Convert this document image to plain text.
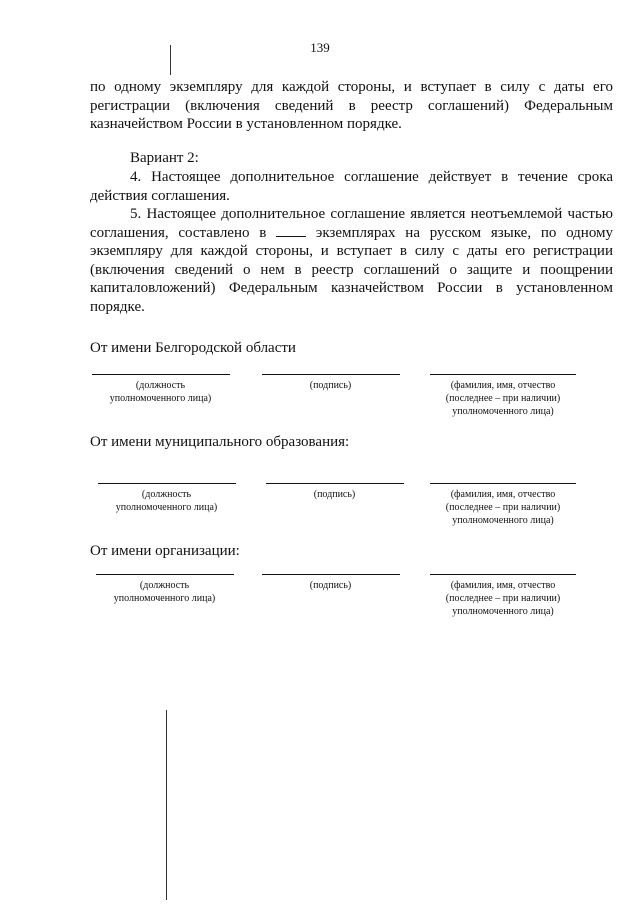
139

по одному экземпляру для каждой стороны, и вступает в силу с даты его регистрации (включения сведений в реестр соглашений) Федеральным казначейством России в установленном порядке.

Вариант 2:

4. Настоящее дополнительное соглашение действует в течение срока действия соглашения.

5. Настоящее дополнительное соглашение является неотъемлемой частью соглашения, составлено в	экземплярах на русском языке, по одному экземпляру для каждой стороны, и вступает в силу с даты его регистрации (включения сведений о нем в реестр соглашений о защите и поощрении капиталовложений) Федеральным казначейством России в установленном порядке.

От имени Белгородской области

(должность
уполномоченного лица)
(подпись)	(фамилия, имя, отчество
(последнее – при наличии)
уполномоченного лица)

От имени муниципального образования:

(должность
уполномоченного лица)
(подпись)	(фамилия, имя, отчество
(последнее – при наличии)
уполномоченного лица)

От имени организации:

(должность
уполномоченного лица)
(подпись)	(фамилия, имя, отчество
(последнее – при наличии)
уполномоченного лица)
